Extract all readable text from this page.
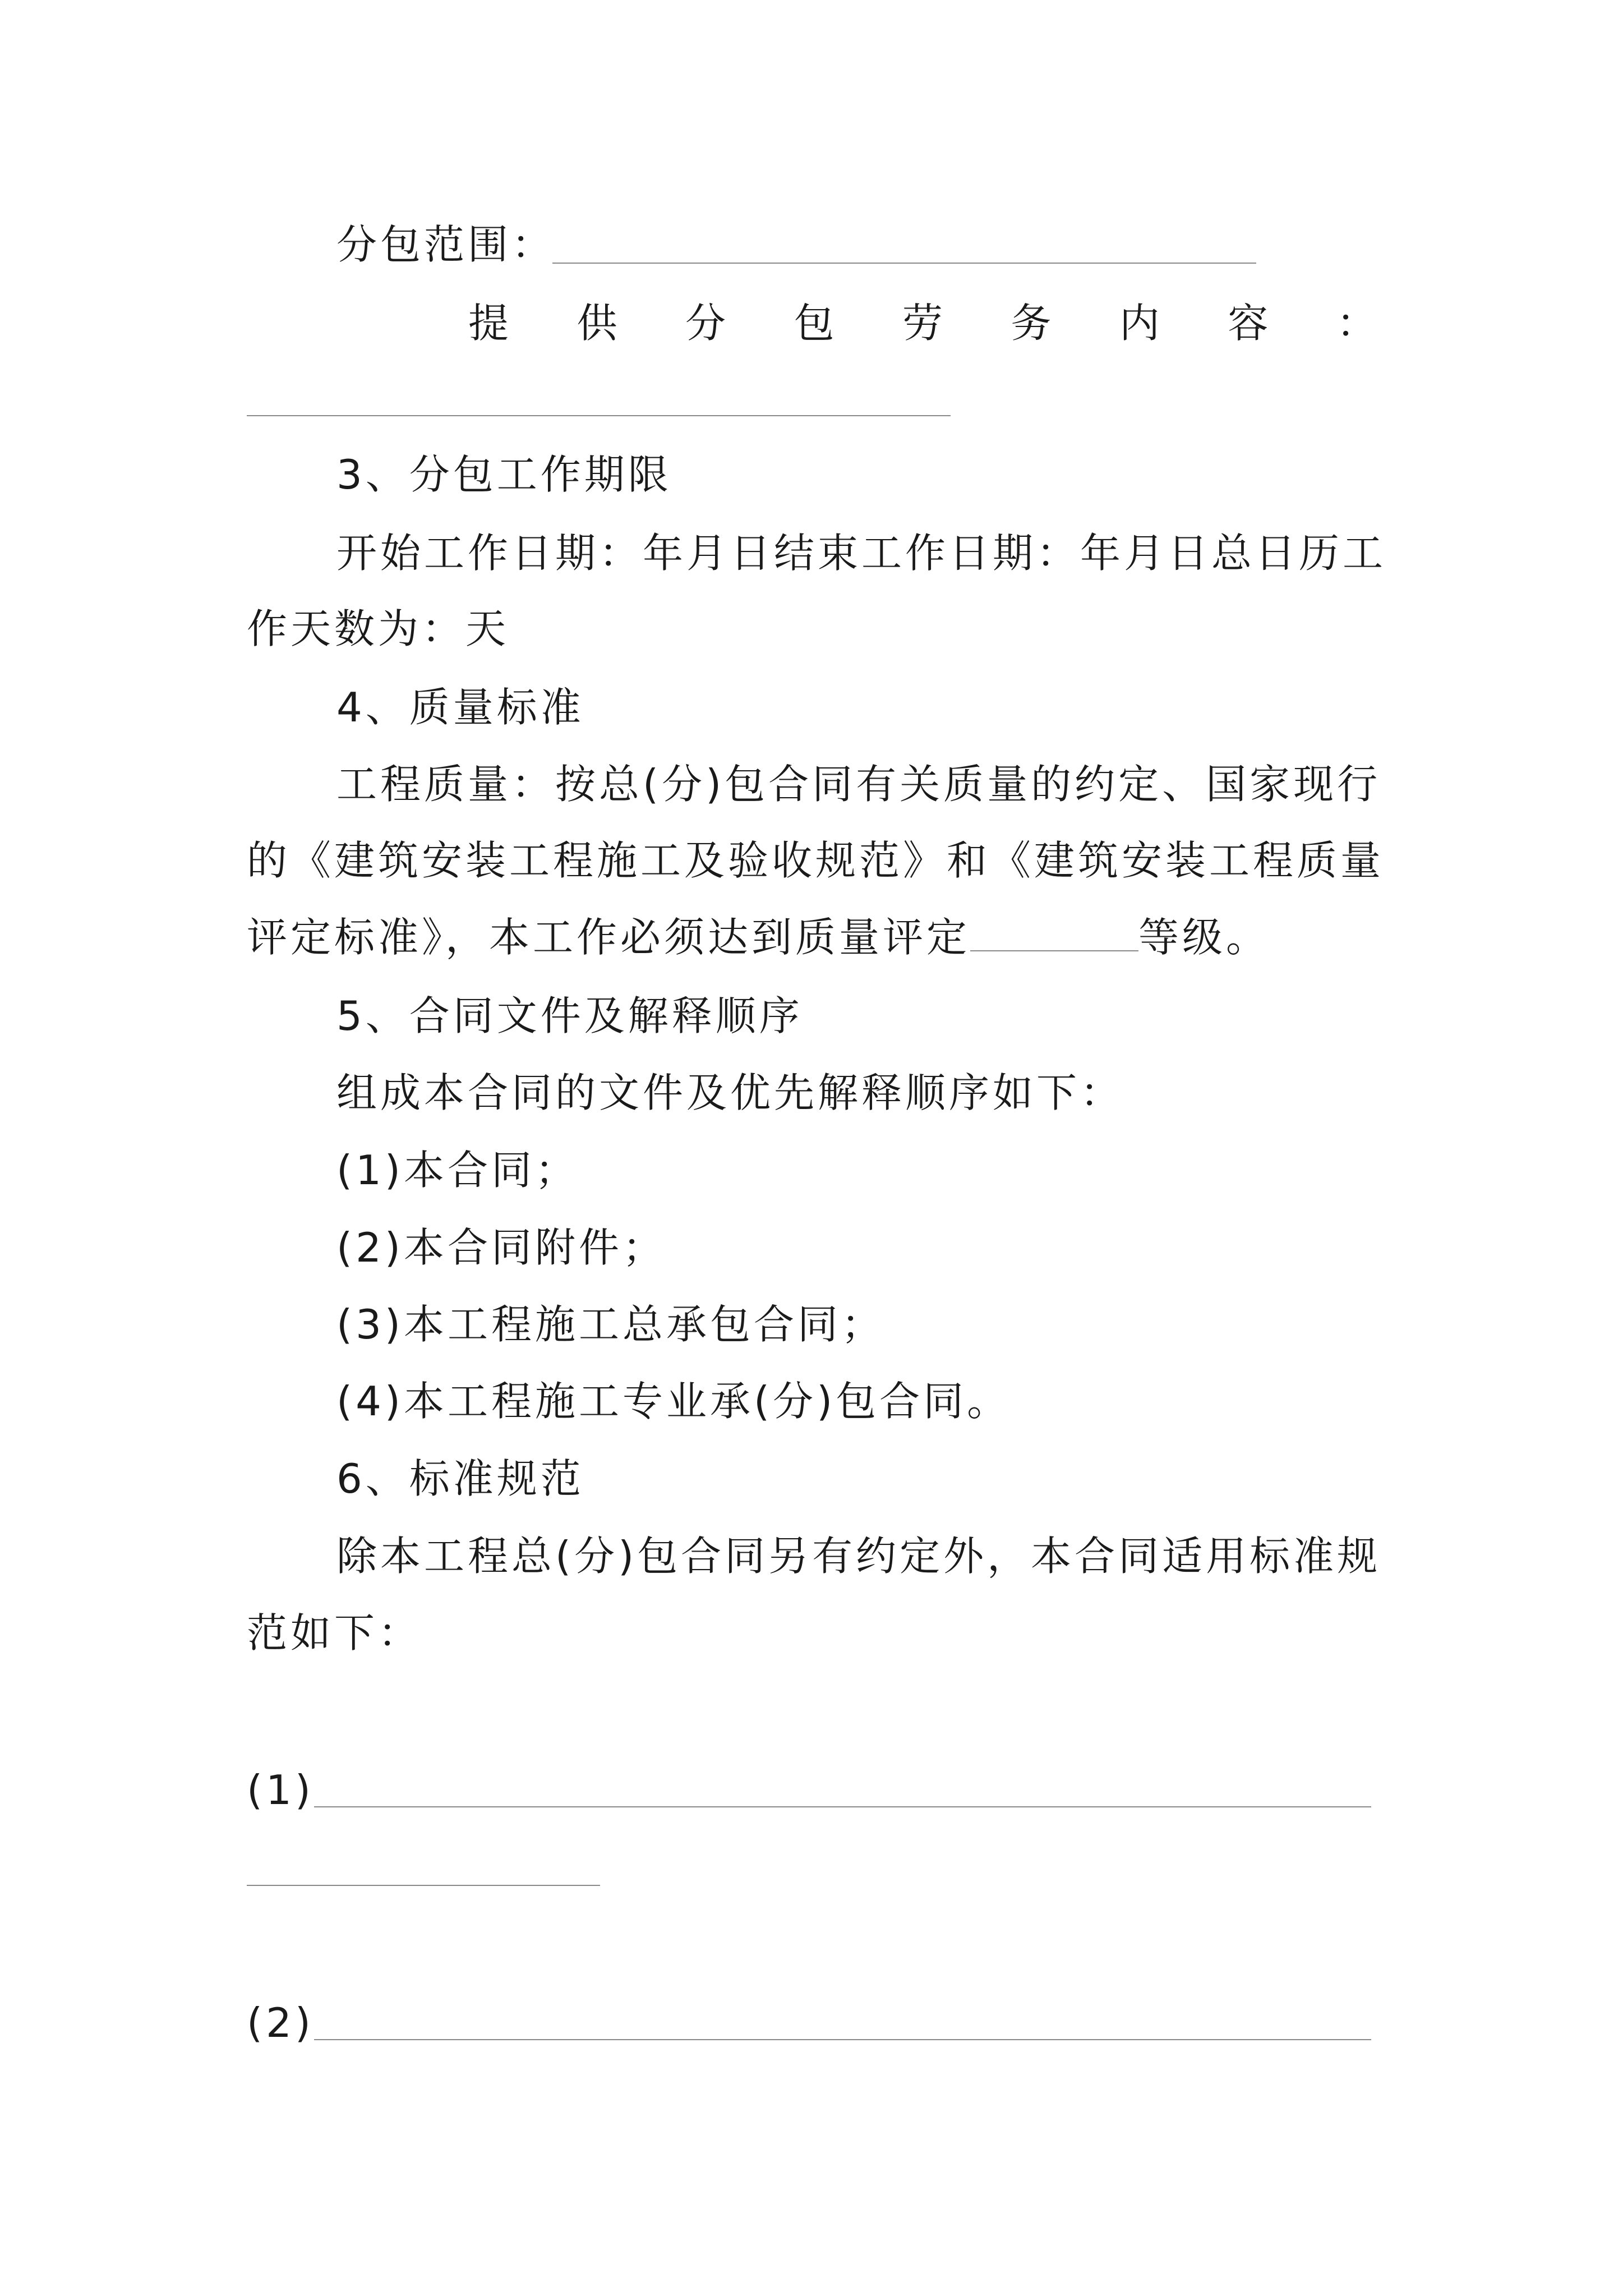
分包范围：
提 供 分 包 劳 务 内 容 ：
3、分包工作期限
开始工作日期：年月日结束工作日期：年月日总日历工
作天数为：天
4、质量标准
工程质量：按总(分)包合同有关质量的约定、国家现行
的《建筑安装工程施工及验收规范》和《建筑安装工程质量
评定标准》，本工作必须达到质量评定	等级。
5、合同文件及解释顺序
组成本合同的文件及优先解释顺序如下：
(1)本合同；
(2)本合同附件；
(3)本工程施工总承包合同；
(4)本工程施工专业承(分)包合同。
6、标准规范
除本工程总(分)包合同另有约定外，本合同适用标准规
范如下：
(1)
(2)
